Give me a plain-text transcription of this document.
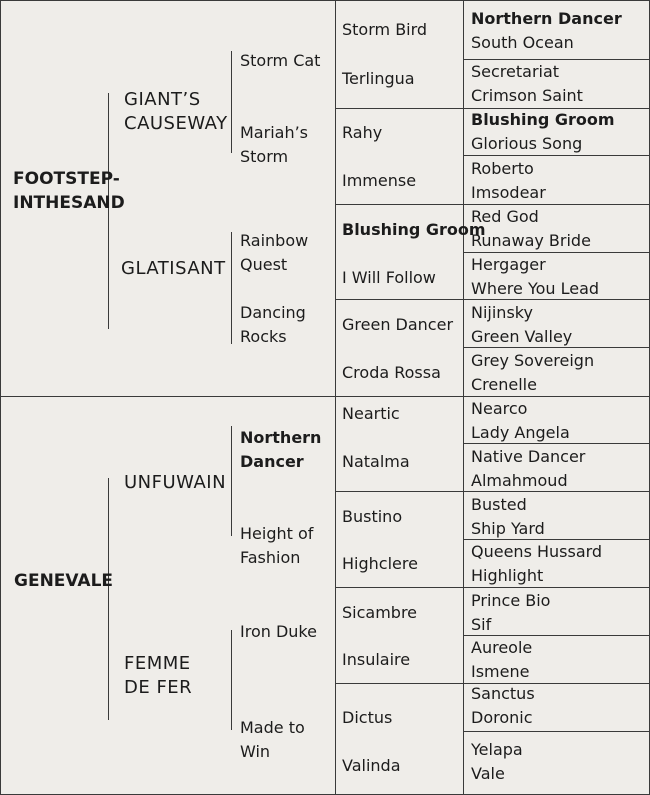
FOOTSTEP-
INTHESAND
GENEVALE
GIANT’S
CAUSEWAY
GLATISANT
UNFUWAIN
FEMME
DE FER
Storm Cat
Mariah’s
Storm
Rainbow
Quest
Dancing
Rocks
Northern
Dancer
Height of
Fashion
Iron Duke
Made to
Win
Storm Bird
Terlingua
Rahy
Immense
Blushing Groom
I Will Follow
Green Dancer
Croda Rossa
Neartic
Natalma
Bustino
Highclere
Sicambre
Insulaire
Dictus
Valinda
Northern Dancer
South Ocean
Secretariat
Crimson Saint
Blushing Groom
Glorious Song
Roberto
Imsodear
Red God
Runaway Bride
Hergager
Where You Lead
Nijinsky
Green Valley
Grey Sovereign
Crenelle
Nearco
Lady Angela
Native Dancer
Almahmoud
Busted
Ship Yard
Queens Hussard
Highlight
Prince Bio
Sif
Aureole
Ismene
Sanctus
Doronic
Yelapa
Vale
